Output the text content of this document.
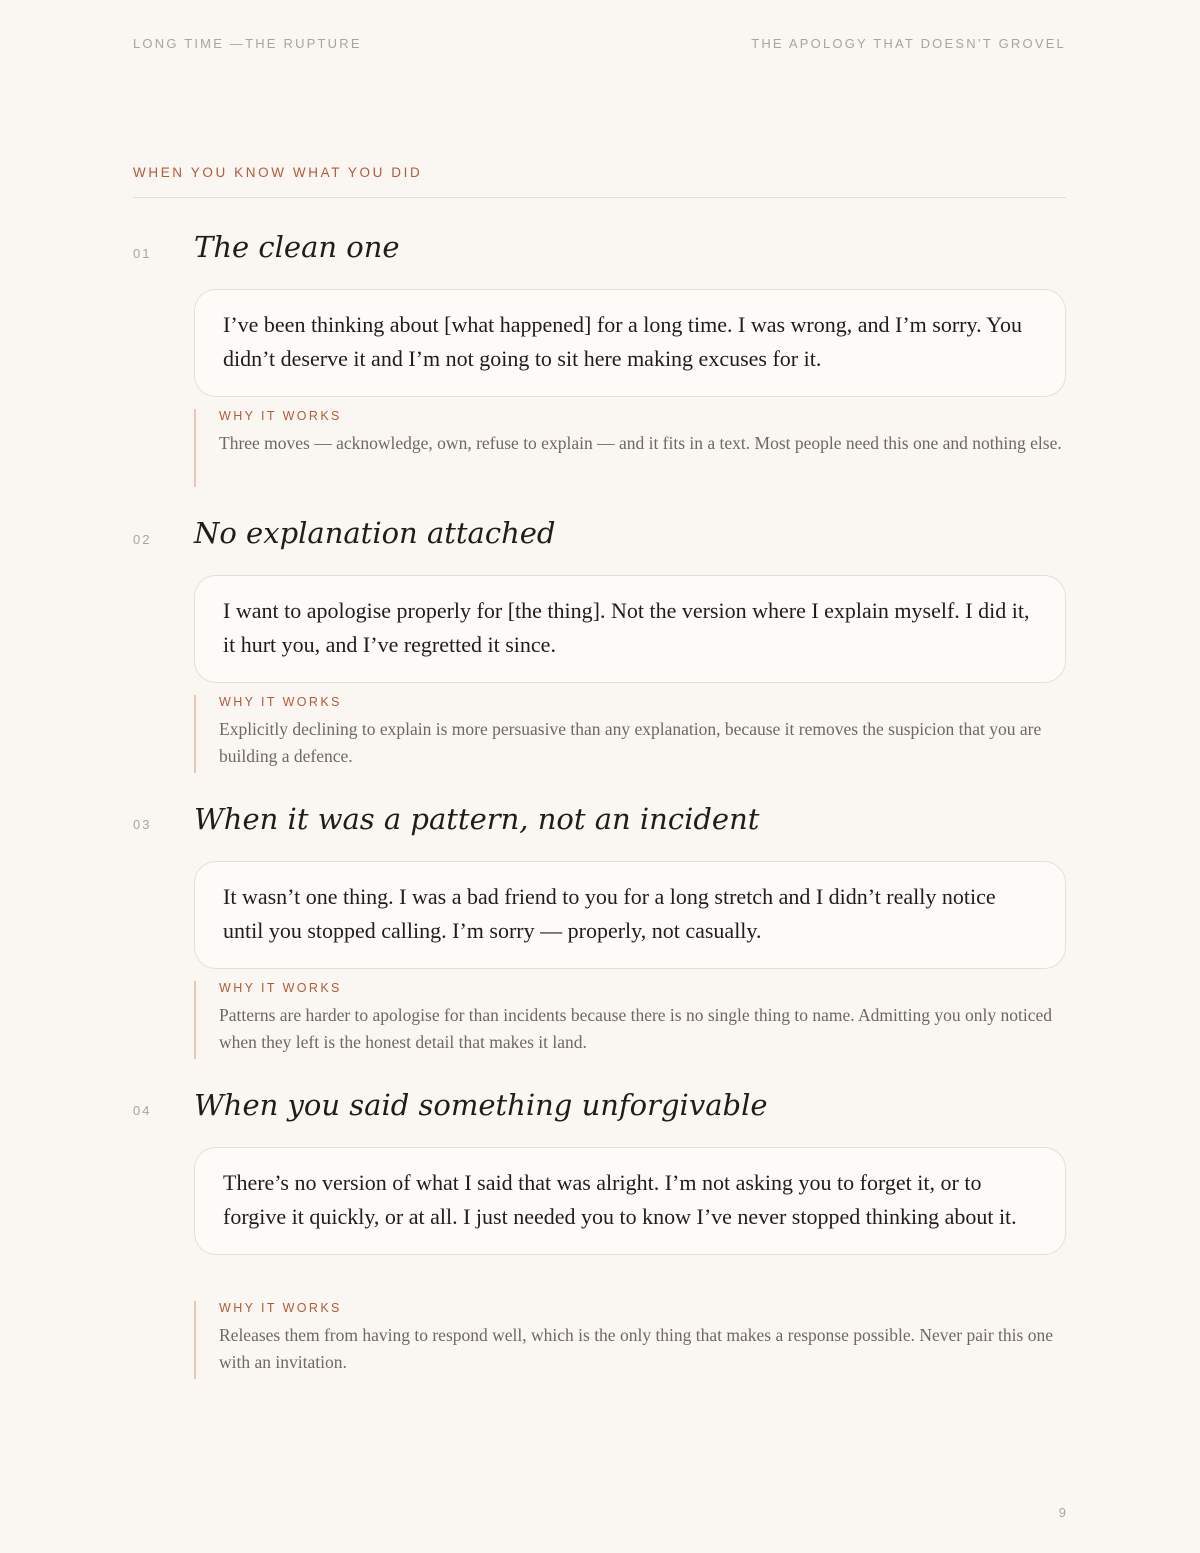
LONG TIME —THE RUPTURE	THE APOLOGY THAT DOESN’T GROVEL
WHEN YOU KNOW WHAT YOU DID
01 The clean one
I’ve been thinking about [what happened] for a long time. I was wrong, and I’m sorry. You didn’t deserve it and I’m not going to sit here making excuses for it.
WHY IT WORKS
Three moves — acknowledge, own, refuse to explain — and it fits in a text. Most people need this one and nothing else.
02 No explanation attached
I want to apologise properly for [the thing]. Not the version where I explain myself. I did it, it hurt you, and I’ve regretted it since.
WHY IT WORKS
Explicitly declining to explain is more persuasive than any explanation, because it removes the suspicion that you are building a defence.
03 When it was a pattern, not an incident
It wasn’t one thing. I was a bad friend to you for a long stretch and I didn’t really notice until you stopped calling. I’m sorry — properly, not casually.
WHY IT WORKS
Patterns are harder to apologise for than incidents because there is no single thing to name. Admitting you only noticed when they left is the honest detail that makes it land.
04 When you said something unforgivable
There’s no version of what I said that was alright. I’m not asking you to forget it, or to forgive it quickly, or at all. I just needed you to know I’ve never stopped thinking about it.
WHY IT WORKS
Releases them from having to respond well, which is the only thing that makes a response possible. Never pair this one with an invitation.
9
